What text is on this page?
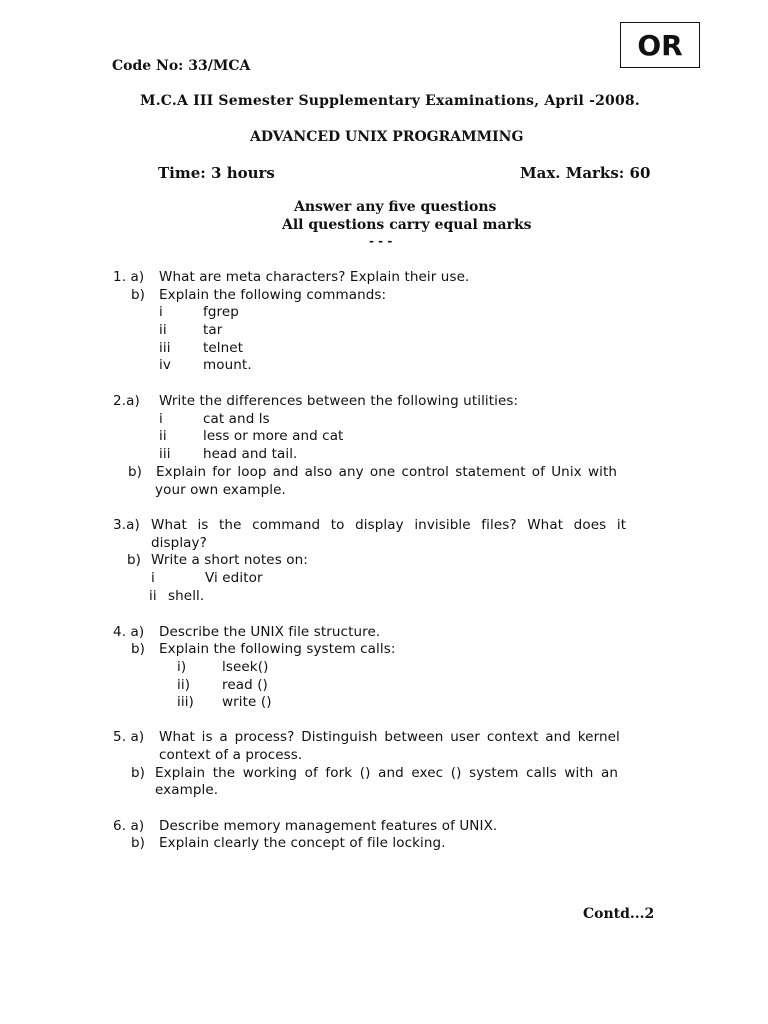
OR
Code No: 33/MCA
M.C.A III Semester Supplementary Examinations, April -2008.
ADVANCED UNIX PROGRAMMING
Time: 3 hours	Max. Marks: 60
Answer any five questions
All questions carry equal marks
- - -
1. a) What are meta characters? Explain their use.
b) Explain the following commands:
i	fgrep
ii	tar
iii telnet
iv mount.
2.a) Write the differences between the following utilities:
i	cat and ls
ii	less or more and cat
iii head and tail.
b) Explain for loop and also any one control statement of Unix with
your own example.
3.a) What is the command to display invisible files? What does it
display?
b) Write a short notes on:
i	Vi editor
ii shell.
4. a) Describe the UNIX file structure.
b) Explain the following system calls:
i)	lseek()
ii) read ()
iii) write ()
5. a) What is a process? Distinguish between user context and kernel
context of a process.
b) Explain the working of fork () and exec () system calls with an
example.
6. a) Describe memory management features of UNIX.
b) Explain clearly the concept of file locking.
Contd...2
